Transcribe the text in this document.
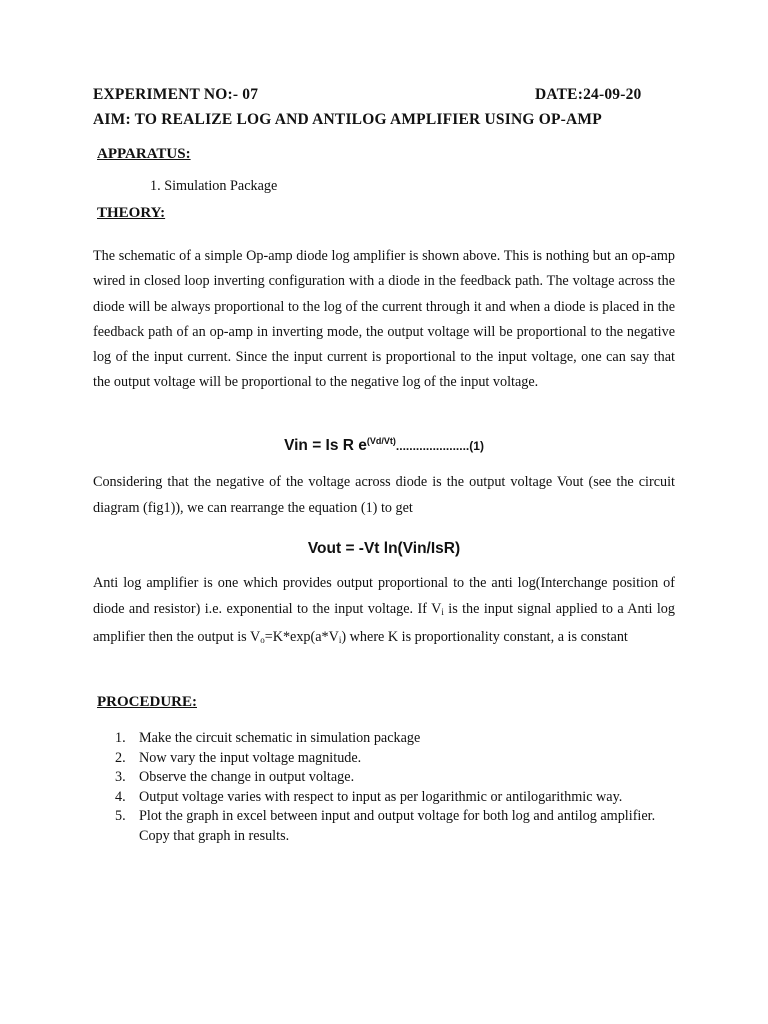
EXPERIMENT NO:- 07	DATE:24-09-20
AIM: TO REALIZE LOG AND ANTILOG AMPLIFIER USING OP-AMP
APPARATUS:
1. Simulation Package
THEORY:
The schematic of a simple Op-amp diode log amplifier is shown above. This is nothing but an op-amp wired in closed loop inverting configuration with a diode in the feedback path. The voltage across the diode will be always proportional to the log of the current through it and when a diode is placed in the feedback path of an op-amp in inverting mode, the output voltage will be proportional to the negative log of the input current. Since the input current is proportional to the input voltage, one can say that the output voltage will be proportional to the negative log of the input voltage.
Vin = Is R $e^{(Vd/Vt)}......................(1)$
Considering that the negative of the voltage across diode is the output voltage Vout (see the circuit diagram (fig1)), we can rearrange the equation (1) to get
Vout = -Vt ln(Vin/IsR)
Anti log amplifier is one which provides output proportional to the anti log(Interchange position of diode and resistor) i.e. exponential to the input voltage. If $V_i$ is the input signal applied to a Anti log amplifier then the output is $V_o=K*\exp(a*V_i)$ where K is proportionality constant, a is constant
PROCEDURE:
1. Make the circuit schematic in simulation package
2. Now vary the input voltage magnitude.
3. Observe the change in output voltage.
4. Output voltage varies with respect to input as per logarithmic or antilogarithmic way.
5. Plot the graph in excel between input and output voltage for both log and antilog amplifier. Copy that graph in results.
